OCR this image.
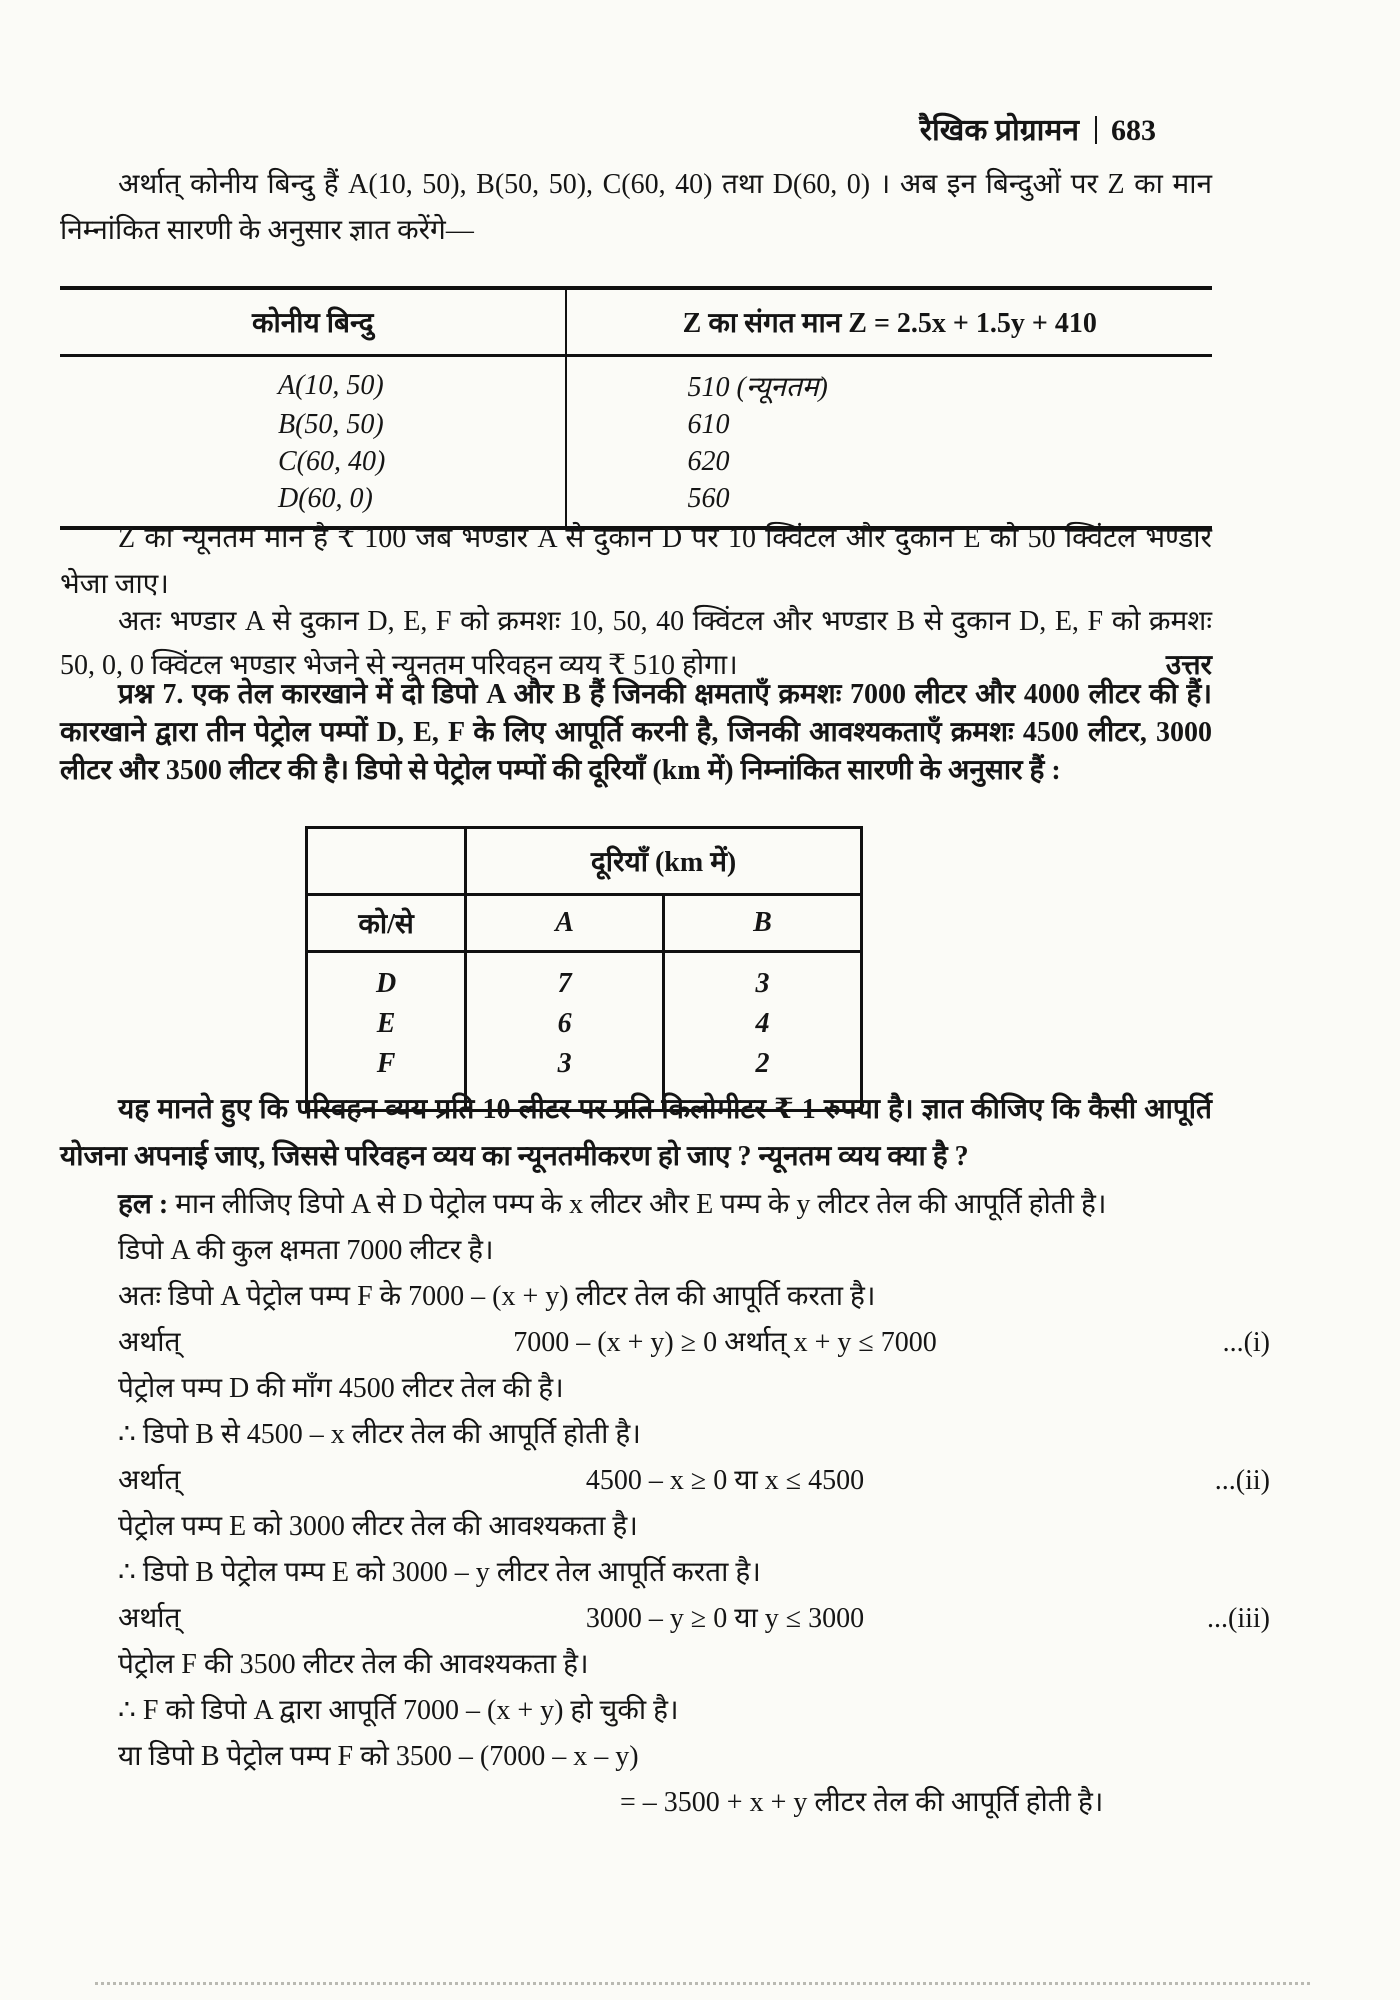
रैखिक प्रोग्रामन 683
अर्थात् कोनीय बिन्दु हैं A(10, 50), B(50, 50), C(60, 40) तथा D(60, 0) । अब इन बिन्दुओं पर Z का मान निम्नांकित सारणी के अनुसार ज्ञात करेंगे—
कोनीय बिन्दु	Z का संगत मान Z = 2.5x + 1.5y + 410
A(10, 50)	510 (न्यूनतम)
B(50, 50)	610
C(60, 40)	620
D(60, 0)	560
Z का न्यूनतम मान है ₹ 100 जब भण्डार A से दुकान D पर 10 क्विंटल और दुकान E को 50 क्विंटल भण्डार भेजा जाए।
अतः भण्डार A से दुकान D, E, F को क्रमशः 10, 50, 40 क्विंटल और भण्डार B से दुकान D, E, F को क्रमशः 50, 0, 0 क्विंटल भण्डार भेजने से न्यूनतम परिवहन व्यय ₹ 510 होगा।	उत्तर
प्रश्न 7. एक तेल कारखाने में दो डिपो A और B हैं जिनकी क्षमताएँ क्रमशः 7000 लीटर और 4000 लीटर की हैं। कारखाने द्वारा तीन पेट्रोल पम्पों D, E, F के लिए आपूर्ति करनी है, जिनकी आवश्यकताएँ क्रमशः 4500 लीटर, 3000 लीटर और 3500 लीटर की है। डिपो से पेट्रोल पम्पों की दूरियाँ (km में) निम्नांकित सारणी के अनुसार हैं :
	दूरियाँ (km में)	
को/से	A	B
D	7	3
E	6	4
F	3	2
यह मानते हुए कि परिवहन व्यय प्रति 10 लीटर पर प्रति किलोमीटर ₹ 1 रुपया है। ज्ञात कीजिए कि कैसी आपूर्ति योजना अपनाई जाए, जिससे परिवहन व्यय का न्यूनतमीकरण हो जाए ? न्यूनतम व्यय क्या है ?
हल : मान लीजिए डिपो A से D पेट्रोल पम्प के x लीटर और E पम्प के y लीटर तेल की आपूर्ति होती है।
डिपो A की कुल क्षमता 7000 लीटर है।
अतः डिपो A पेट्रोल पम्प F के 7000 – (x + y) लीटर तेल की आपूर्ति करता है।
अर्थात्	7000 – (x + y) ≥ 0 अर्थात् x + y ≤ 7000	...(i)
पेट्रोल पम्प D की माँग 4500 लीटर तेल की है।
∴ डिपो B से 4500 – x लीटर तेल की आपूर्ति होती है।
अर्थात्	4500 – x ≥ 0 या x ≤ 4500	...(ii)
पेट्रोल पम्प E को 3000 लीटर तेल की आवश्यकता है।
∴ डिपो B पेट्रोल पम्प E को 3000 – y लीटर तेल आपूर्ति करता है।
अर्थात्	3000 – y ≥ 0 या y ≤ 3000	...(iii)
पेट्रोल F की 3500 लीटर तेल की आवश्यकता है।
∴ F को डिपो A द्वारा आपूर्ति 7000 – (x + y) हो चुकी है।
या डिपो B पेट्रोल पम्प F को 3500 – (7000 – x – y)
= – 3500 + x + y लीटर तेल की आपूर्ति होती है।
